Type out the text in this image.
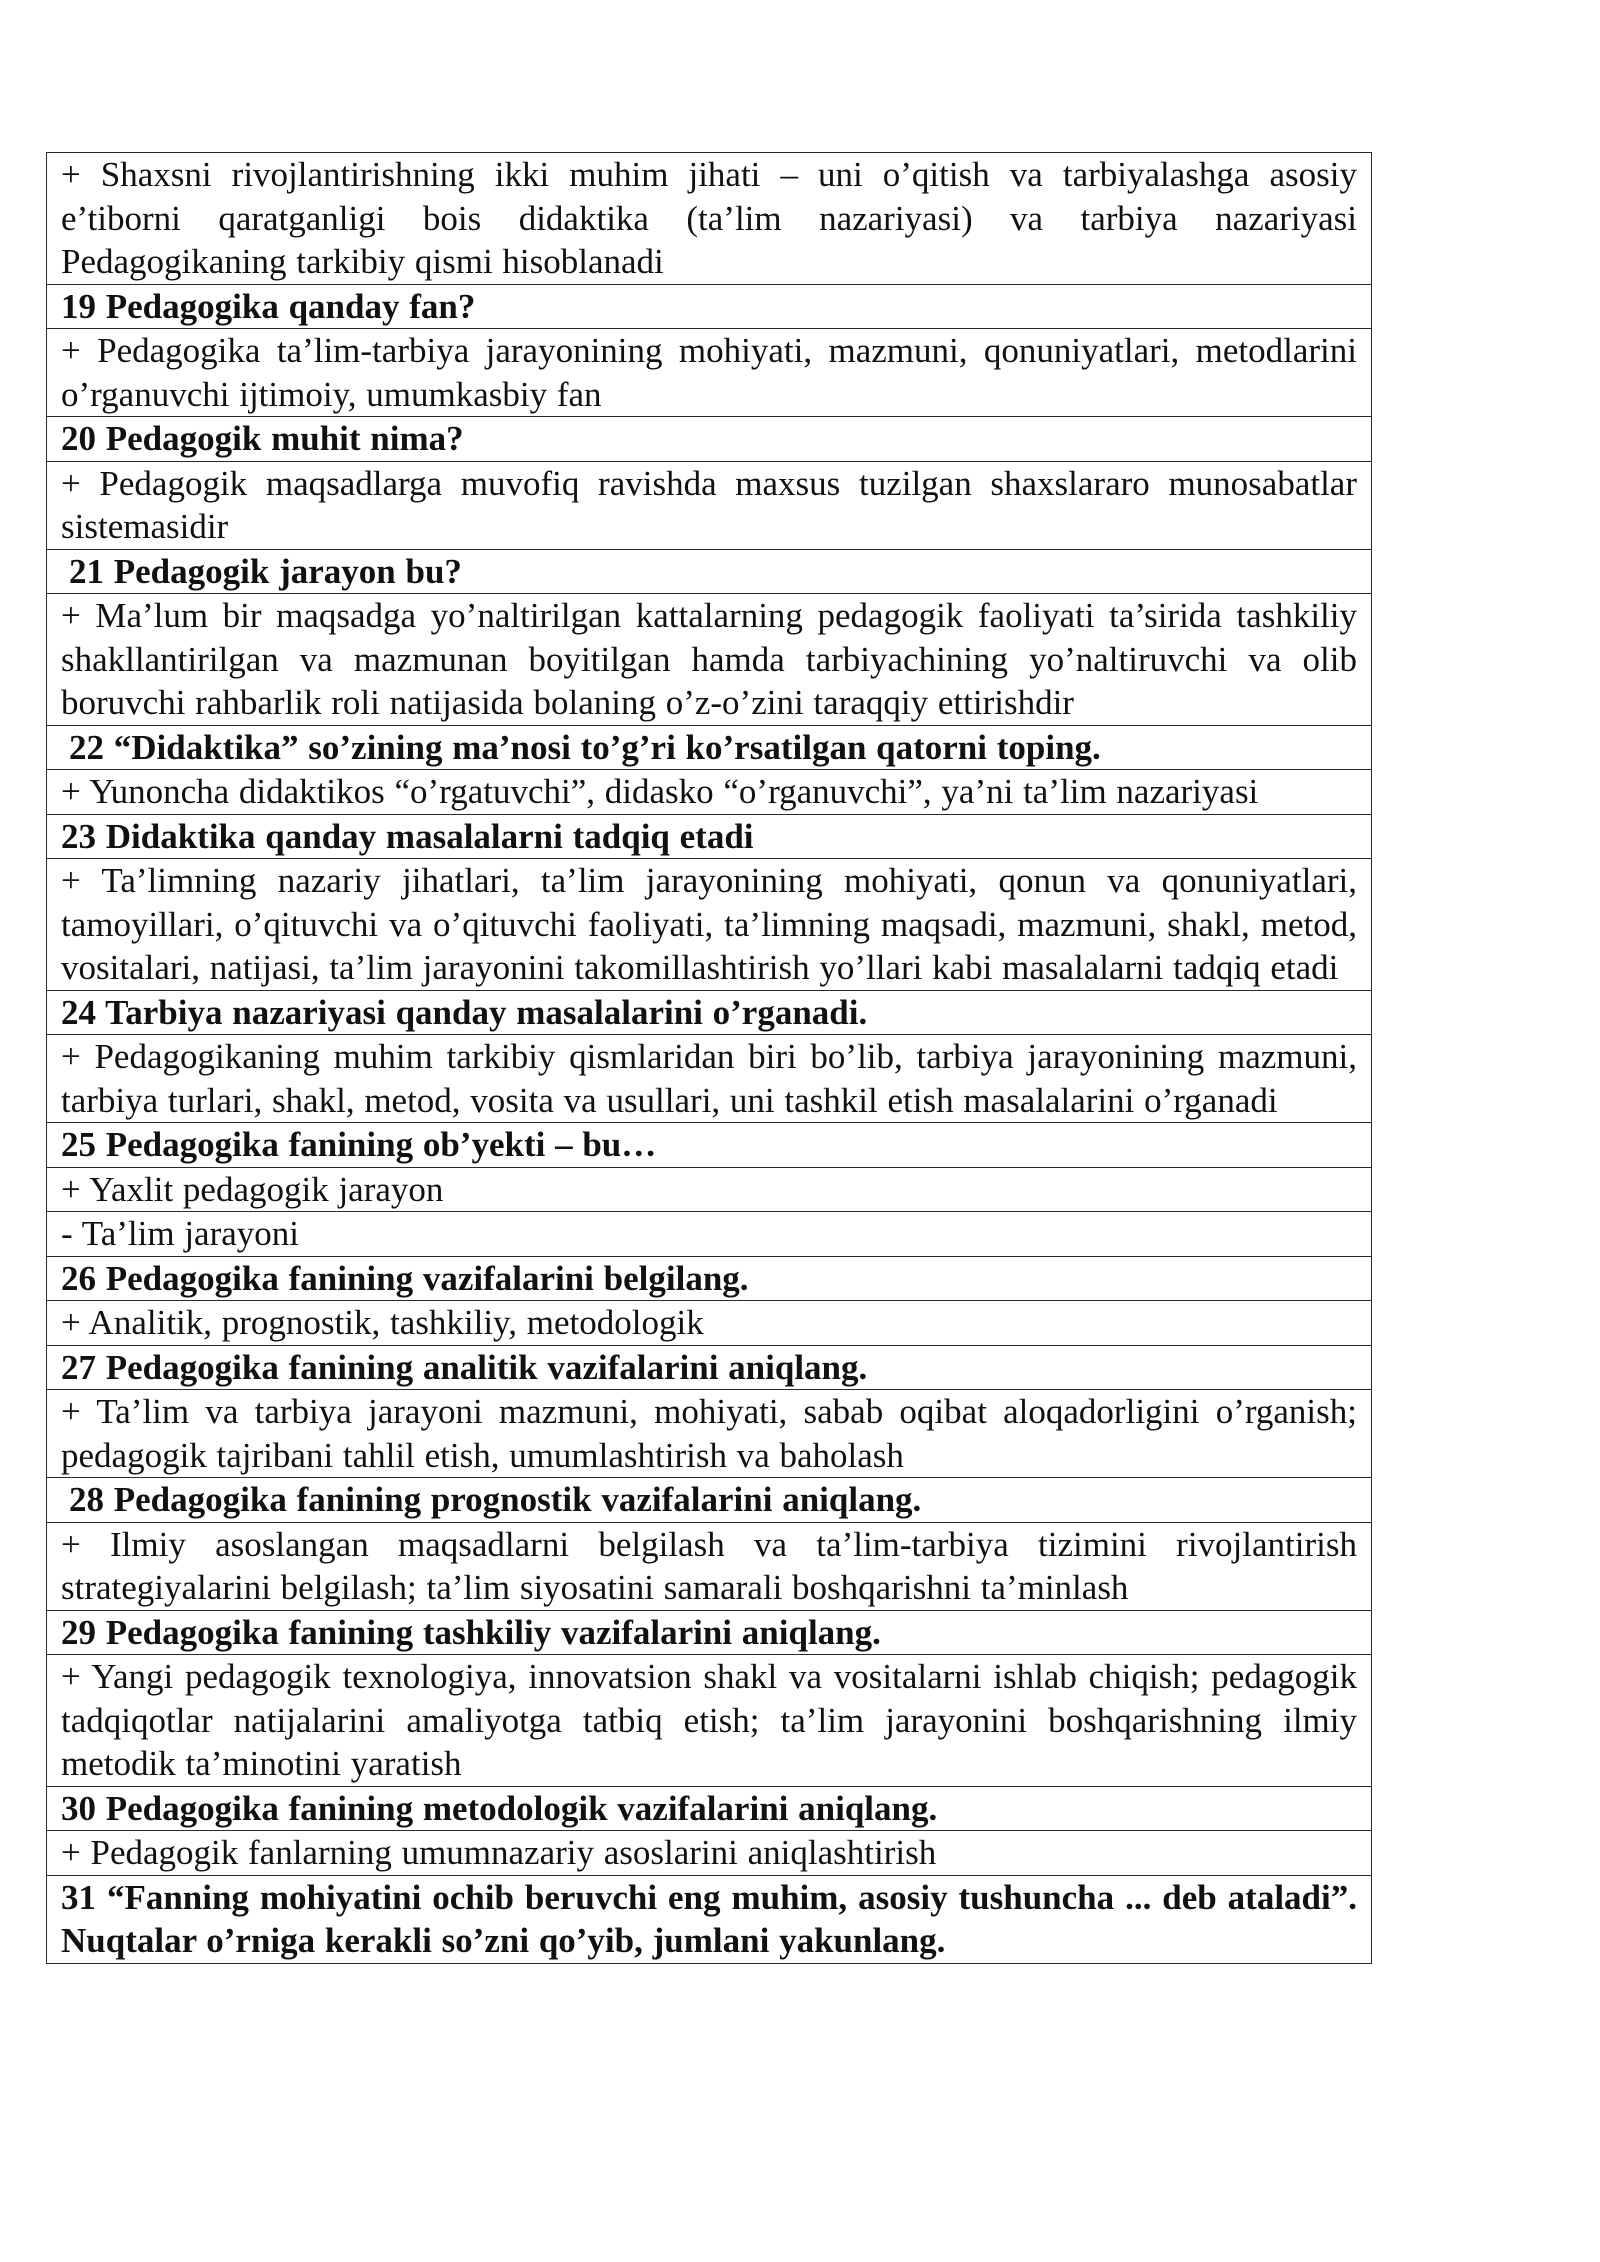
+ Shaxsni rivojlantirishning ikki muhim jihati – uni o’qitish va tarbiyalashga asosiy e’tiborni qaratganligi bois didaktika (ta’lim nazariyasi) va tarbiya nazariyasi Pedagogikaning tarkibiy qismi hisoblanadi
19 Pedagogika qanday fan?
+ Pedagogika ta’lim-tarbiya jarayonining mohiyati, mazmuni, qonuniyatlari, metodlarini o’rganuvchi ijtimoiy, umumkasbiy fan
20 Pedagogik muhit nima?
+ Pedagogik maqsadlarga muvofiq ravishda maxsus tuzilgan shaxslararo munosabatlar sistemasidir
21 Pedagogik jarayon bu?
+ Ma’lum bir maqsadga yo’naltirilgan kattalarning pedagogik faoliyati ta’sirida tashkiliy shakllantirilgan va mazmunan boyitilgan hamda tarbiyachining yo’naltiruvchi va olib boruvchi rahbarlik roli natijasida bolaning o’z-o’zini taraqqiy ettirishdir
22 “Didaktika” so’zining ma’nosi to’g’ri ko’rsatilgan qatorni toping.
+ Yunoncha didaktikos “o’rgatuvchi”, didasko “o’rganuvchi”, ya’ni ta’lim nazariyasi
23 Didaktika qanday masalalarni tadqiq etadi
+ Ta’limning nazariy jihatlari, ta’lim jarayonining mohiyati, qonun va qonuniyatlari, tamoyillari, o’qituvchi va o’qituvchi faoliyati, ta’limning maqsadi, mazmuni, shakl, metod, vositalari, natijasi, ta’lim jarayonini takomillashtirish yo’llari kabi masalalarni tadqiq etadi
24 Tarbiya nazariyasi qanday masalalarini o’rganadi.
+ Pedagogikaning muhim tarkibiy qismlaridan biri bo’lib, tarbiya jarayonining mazmuni, tarbiya turlari, shakl, metod, vosita va usullari, uni tashkil etish masalalarini o’rganadi
25 Pedagogika fanining ob’yekti – bu…
+ Yaxlit pedagogik jarayon
- Ta’lim jarayoni
26 Pedagogika fanining vazifalarini belgilang.
+ Analitik, prognostik, tashkiliy, metodologik
27 Pedagogika fanining analitik vazifalarini aniqlang.
+ Ta’lim va tarbiya jarayoni mazmuni, mohiyati, sabab oqibat aloqadorligini o’rganish; pedagogik tajribani tahlil etish, umumlashtirish va baholash
28 Pedagogika fanining prognostik vazifalarini aniqlang.
+ Ilmiy asoslangan maqsadlarni belgilash va ta’lim-tarbiya tizimini rivojlantirish strategiyalarini belgilash; ta’lim siyosatini samarali boshqarishni ta’minlash
29 Pedagogika fanining tashkiliy vazifalarini aniqlang.
+ Yangi pedagogik texnologiya, innovatsion shakl va vositalarni ishlab chiqish; pedagogik tadqiqotlar natijalarini amaliyotga tatbiq etish; ta’lim jarayonini boshqarishning ilmiy metodik ta’minotini yaratish
30 Pedagogika fanining metodologik vazifalarini aniqlang.
+ Pedagogik fanlarning umumnazariy asoslarini aniqlashtirish
31 “Fanning mohiyatini ochib beruvchi eng muhim, asosiy tushuncha ... deb ataladi”. Nuqtalar o’rniga kerakli so’zni qo’yib, jumlani yakunlang.
